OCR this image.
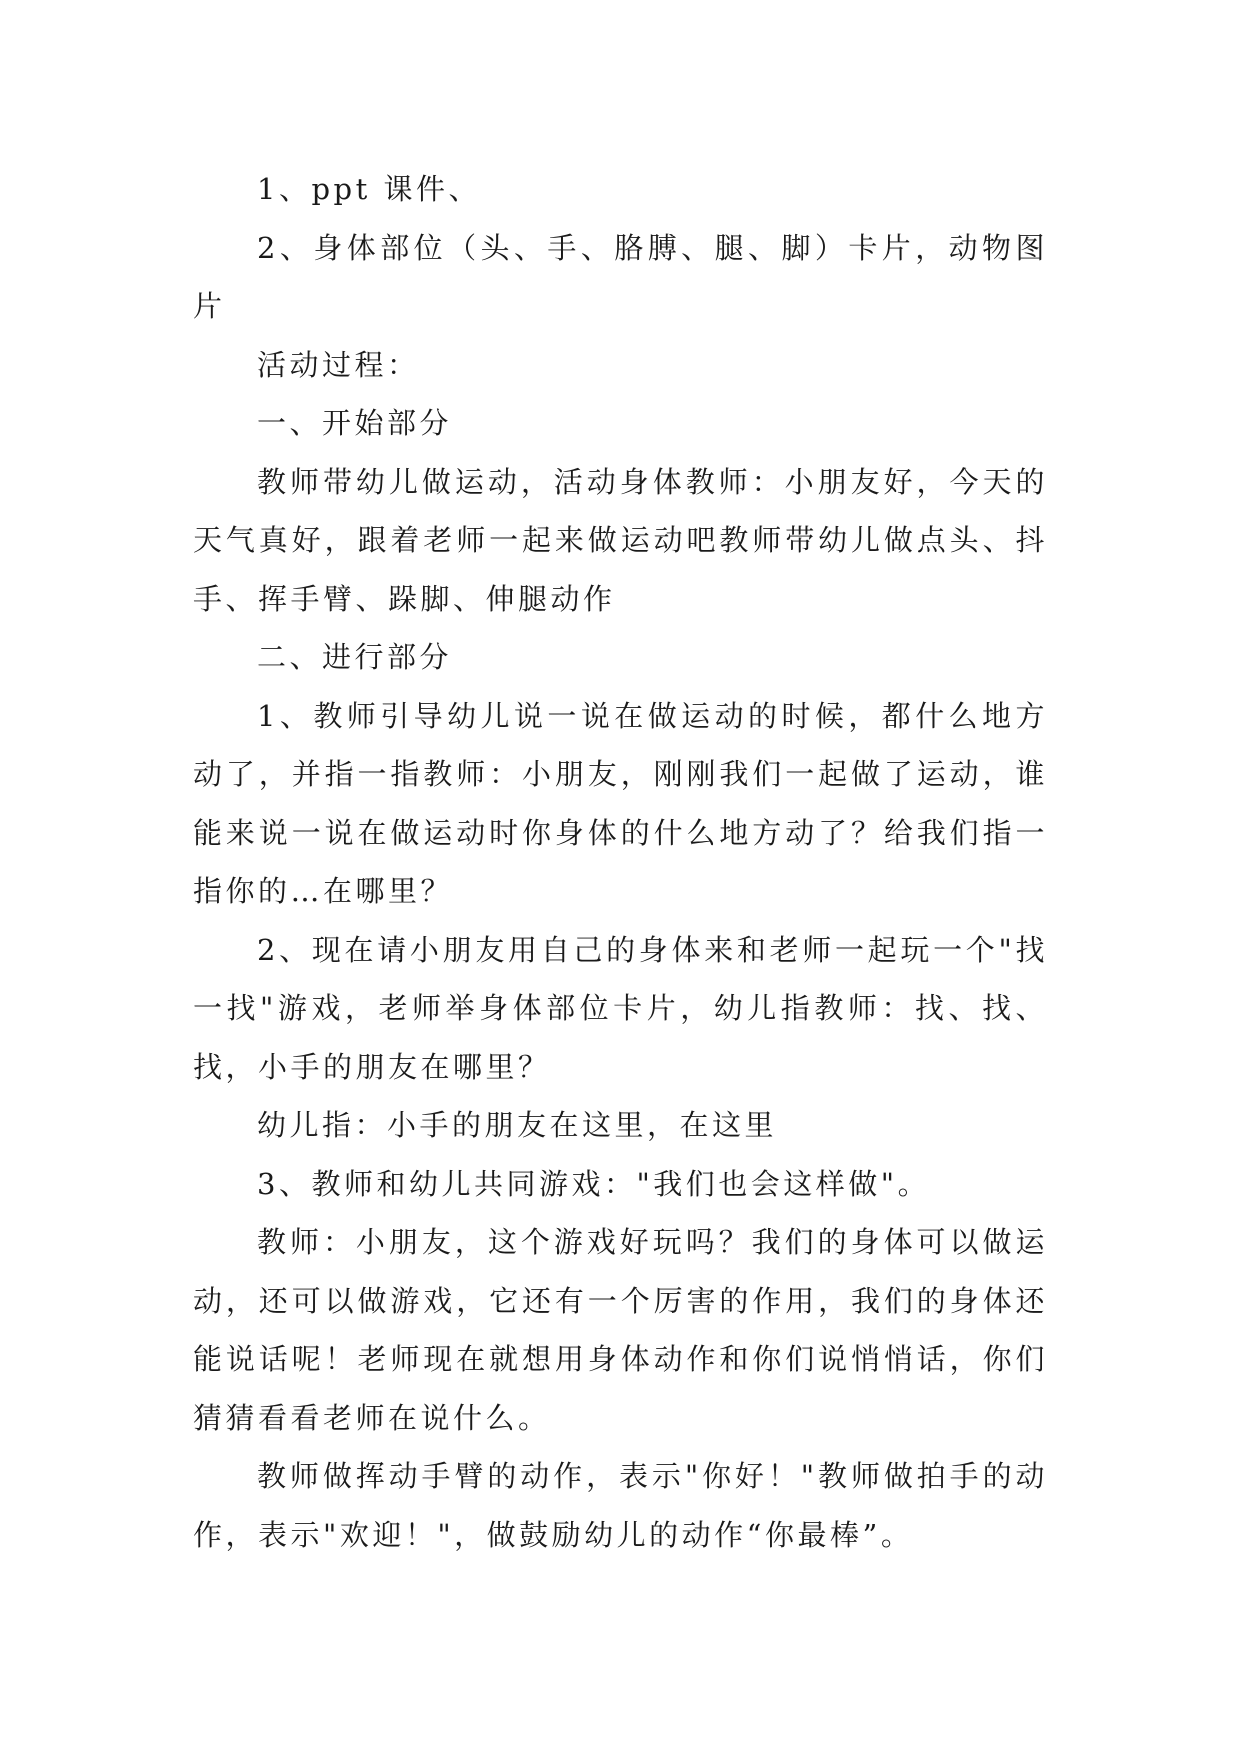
1、ppt 课件、

2、身体部位（头、手、胳膊、腿、脚）卡片，动物图片

活动过程：

一、开始部分

教师带幼儿做运动，活动身体教师：小朋友好，今天的天气真好，跟着老师一起来做运动吧教师带幼儿做点头、抖手、挥手臂、跺脚、伸腿动作

二、进行部分

1、教师引导幼儿说一说在做运动的时候，都什么地方动了，并指一指教师：小朋友，刚刚我们一起做了运动，谁能来说一说在做运动时你身体的什么地方动了？给我们指一指你的…在哪里？

2、现在请小朋友用自己的身体来和老师一起玩一个"找一找"游戏，老师举身体部位卡片，幼儿指教师：找、找、找，小手的朋友在哪里？

幼儿指：小手的朋友在这里，在这里

3、教师和幼儿共同游戏："我们也会这样做"。

教师：小朋友，这个游戏好玩吗？我们的身体可以做运动，还可以做游戏，它还有一个厉害的作用，我们的身体还能说话呢！老师现在就想用身体动作和你们说悄悄话，你们猜猜看看老师在说什么。

教师做挥动手臂的动作，表示"你好！"教师做拍手的动作，表示"欢迎！"，做鼓励幼儿的动作“你最棒”。
